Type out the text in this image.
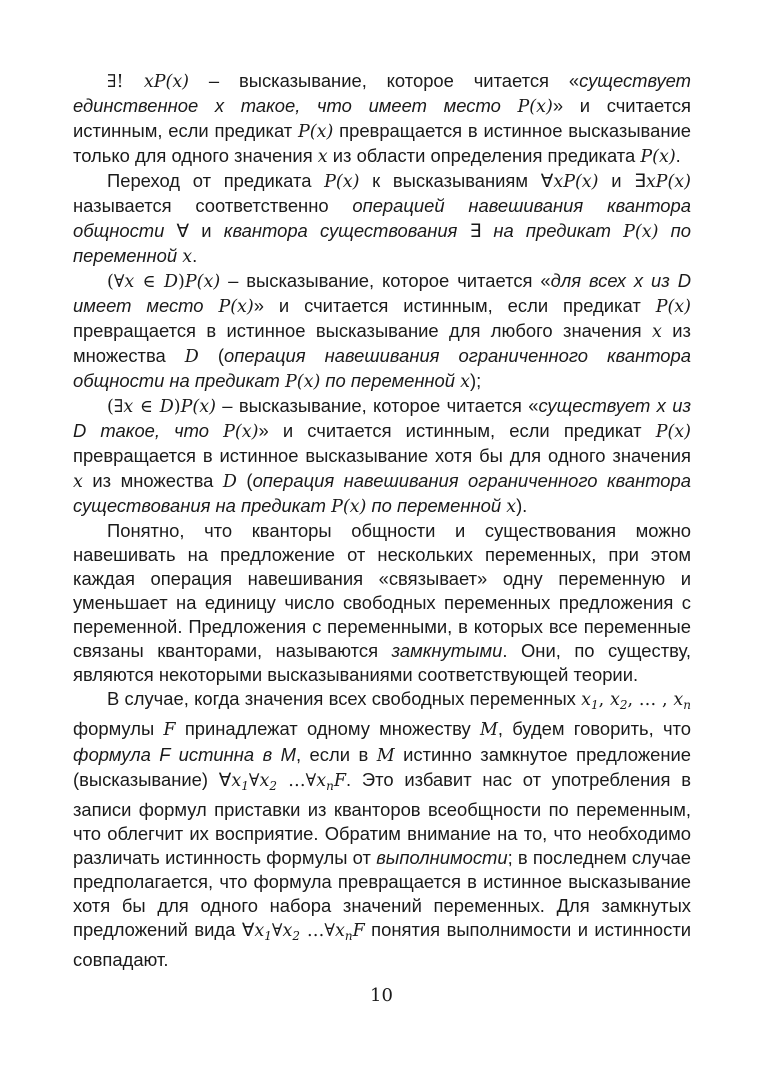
∃! xP(x) – высказывание, которое читается «существует единственное x такое, что имеет место P(x)» и считается истинным, если предикат P(x) превращается в истинное высказывание только для одного значения x из области определения предиката P(x).

Переход от предиката P(x) к высказываниям ∀xP(x) и ∃xP(x) называется соответственно операцией навешивания квантора общности ∀ и квантора существования ∃ на предикат P(x) по переменной x.

(∀x ∈ D)P(x) – высказывание, которое читается «для всех x из D имеет место P(x)» и считается истинным, если предикат P(x) превращается в истинное высказывание для любого значения x из множества D (операция навешивания ограниченного квантора общности на предикат P(x) по переменной x);

(∃x ∈ D)P(x) – высказывание, которое читается «существует x из D такое, что P(x)» и считается истинным, если предикат P(x) превращается в истинное высказывание хотя бы для одного значения x из множества D (операция навешивания ограниченного квантора существования на предикат P(x) по переменной x).

Понятно, что кванторы общности и существования можно навешивать на предложение от нескольких переменных, при этом каждая операция навешивания «связывает» одну переменную и уменьшает на единицу число свободных переменных предложения с переменной. Предложения с переменными, в которых все переменные связаны кванторами, называются замкнутыми. Они, по существу, являются некоторыми высказываниями соответствующей теории.

В случае, когда значения всех свободных переменных $x_1$, $x_2$, … , $x_n$ формулы F принадлежат одному множеству M, будем говорить, что формула F истинна в M, если в M истинно замкнутое предложение (высказывание) $\forall x_1\forall x_2$ $\dots\forall x_nF$. Это избавит нас от употребления в записи формул приставки из кванторов всеобщности по переменным, что облегчит их восприятие. Обратим внимание на то, что необходимо различать истинность формулы от выполнимости; в последнем случае предполагается, что формула превращается в истинное высказывание хотя бы для одного набора значений переменных. Для замкнутых предложений вида $\forall x_1\forall x_2$ $\dots\forall x_nF$ понятия выполнимости и истинности совпадают.

10
